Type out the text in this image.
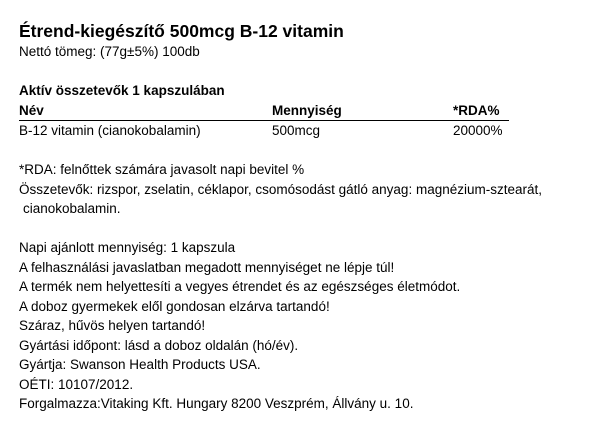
Étrend-kiegészítő 500mcg B-12 vitamin
Nettó tömeg: (77g±5%) 100db
Aktív összetevők 1 kapszulában
Név	Mennyiség	*RDA%
B-12 vitamin (cianokobalamin)	500mcg	20000%
*RDA: felnőttek számára javasolt napi bevitel %
Összetevők: rizspor, zselatin, céklapor, csomósodást gátló anyag: magnézium-sztearát,
cianokobalamin.
Napi ajánlott mennyiség: 1 kapszula
A felhasználási javaslatban megadott mennyiséget ne lépje túl!
A termék nem helyettesíti a vegyes étrendet és az egészséges életmódot.
A doboz gyermekek elől gondosan elzárva tartandó!
Száraz, hűvös helyen tartandó!
Gyártási időpont: lásd a doboz oldalán (hó/év).
Gyártja: Swanson Health Products USA.
OÉTI: 10107/2012.
Forgalmazza:Vitaking Kft. Hungary 8200 Veszprém, Állvány u. 10.
